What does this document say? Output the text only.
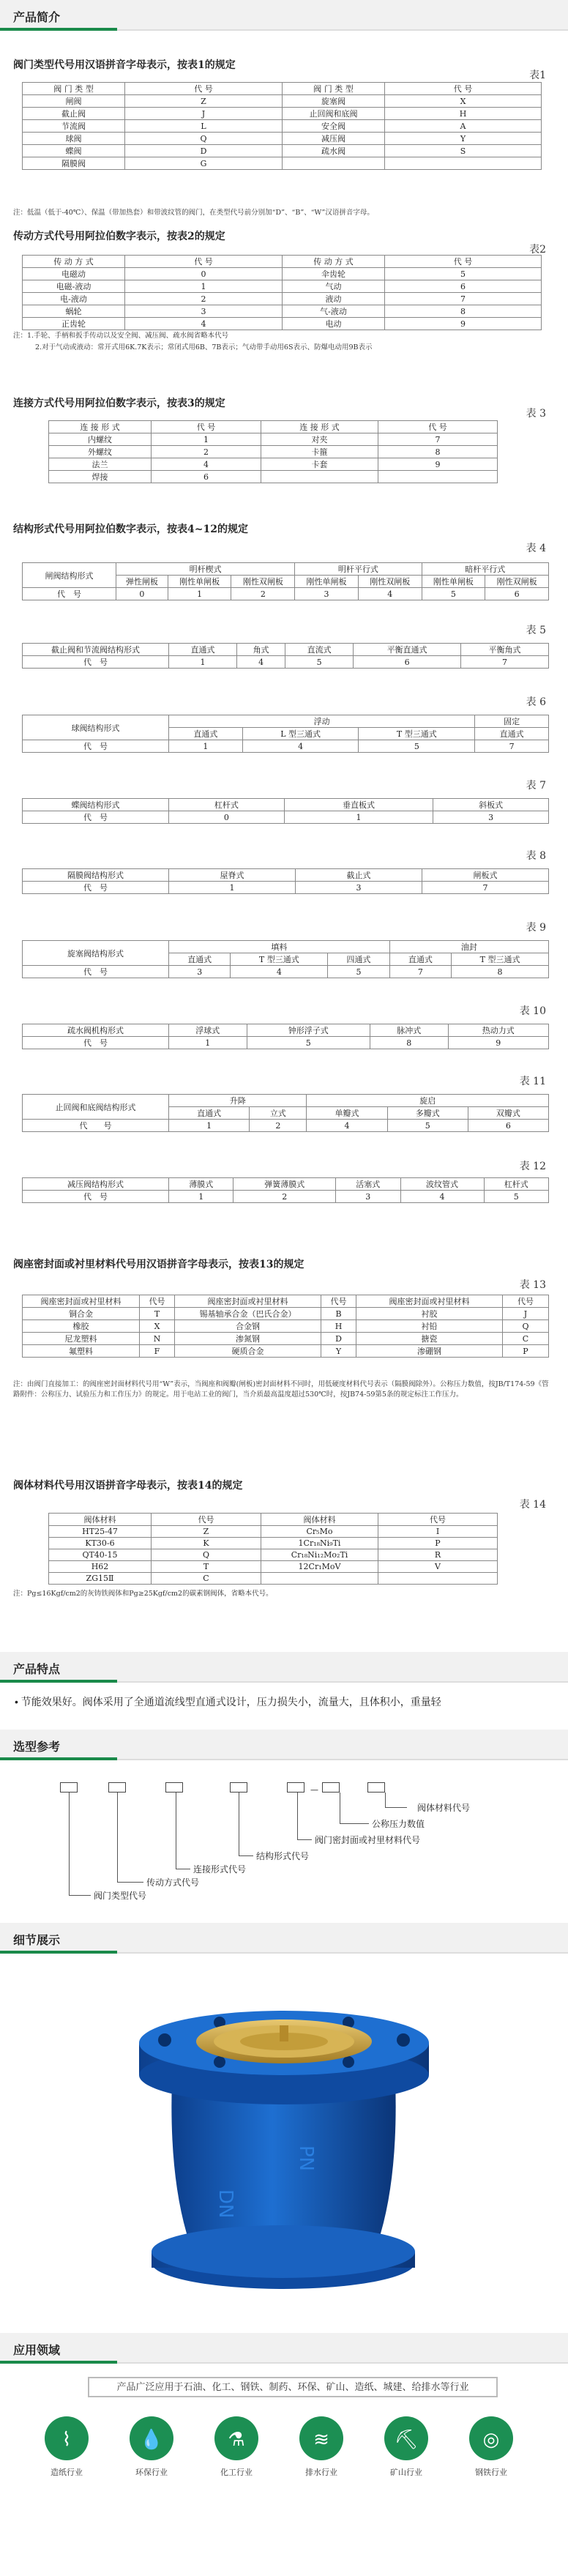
产品简介
阀门类型代号用汉语拼音字母表示，按表1的规定
表1
阀 门 类 型	代 号	阀 门 类 型	代 号
闸阀	Z	旋塞阀	X
截止阀	J	止回阀和底阀	H
节流阀	L	安全阀	A
球阀	Q	减压阀	Y
蝶阀	D	疏水阀	S
隔膜阀	G		
注：低温（低于-40℃）、保温（带加热套）和带波纹管的阀门，在类型代号前分别加“D”、“B”、“W”汉语拼音字母。
传动方式代号用阿拉伯数字表示，按表2的规定
表2
传 动 方 式	代 号	传 动 方 式	代 号
电磁动	0	伞齿轮	5
电磁-液动	1	气动	6
电-液动	2	液动	7
蜗轮	3	气-液动	8
正齿轮	4	电动	9
注：1.手轮、手柄和扳手传动以及安全阀、减压阀、疏水阀省略本代号
2.对于气动或液动：常开式用6K.7K表示；常闭式用6B、7B表示；气动带手动用6S表示、防爆电动用9B表示
连接方式代号用阿拉伯数字表示，按表3的规定
表 3
连 接 形 式	代 号	连 接 形 式	代 号
内螺纹	1	对夹	7
外螺纹	2	卡箍	8
法兰	4	卡套	9
焊接	6		
结构形式代号用阿拉伯数字表示，按表4~12的规定
表 4
闸阀结构形式	明杆楔式			明杆平行式		暗杆平行式	
	弹性闸板	刚性单闸板	刚性双闸板	刚性单闸板	刚性双闸板	刚性单闸板	刚性双闸板
代　号	0	1	2	3	4	5	6
表 5
截止阀和节流阀结构形式	直通式	角式	直流式	平衡直通式	平衡角式
代　号	1	4	5	6	7
表 6
球阀结构形式	浮动			固定
	直通式	L 型三通式	T 型三通式	直通式
代　号	1	4	5	7
表 7
蝶阀结构形式	杠杆式	垂直板式	斜板式
代　号	0	1	3
表 8
隔膜阀结构形式	屋脊式	截止式	闸板式
代　号	1	3	7
表 9
旋塞阀结构形式	填料			油封	
	直通式	T 型三通式	四通式	直通式	T 型三通式
代　号	3	4	5	7	8
表 10
疏水阀机构形式	浮球式	钟形浮子式	脉冲式	热动力式
代　号	1	5	8	9
表 11
止回阀和底阀结构形式	升降		旋启		
	直通式	立式	单瓣式	多瓣式	双瓣式
代　　号	1	2	4	5	6
表 12
减压阀结构形式	薄膜式	弹簧薄膜式	活塞式	波纹管式	杠杆式
代　号	1	2	3	4	5
阀座密封面或衬里材料代号用汉语拼音字母表示，按表13的规定
表 13
阀座密封面或衬里材料	代号	阀座密封面或衬里材料	代号	阀座密封面或衬里材料	代号
铜合金	T	锡基轴承合金（巴氏合金）	B	衬胶	J
橡胶	X	合金钢	H	衬铅	Q
尼龙塑料	N	渗氮钢	D	搪瓷	C
氟塑料	F	硬质合金	Y	渗硼钢	P
注：由阀门直接加工：的阀座密封面材料代号用“W”表示，当阀座和阀瓣(闸板)密封面材料不同时，用低硬度材料代号表示（隔膜阀除外）。公称压力数值，按JB/T174-59《管路附件：公称压力、试验压力和工作压力》的规定。用于电站工业的阀门，当介质最高温度超过530℃时，按JB74-59第5条的规定标注工作压力。
阀体材料代号用汉语拼音字母表示，按表14的规定
表 14
阀体材料	代号	阀体材料	代号
HT25-47	Z	Cr₅Mo	I
KT30-6	K	1Cr₁₈Ni₉Ti	P
QT40-15	Q	Cr₁₈Ni₁₂Mo₂Ti	R
H62	T	12Cr₁MoV	V
ZG15Ⅱ	C		
注：Pg≤16Kgf/cm2的灰铸铁阀体和Pg≥25Kgf/cm2的碳素钢阀体，省略本代号。
产品特点
• 节能效果好。阀体采用了全通道流线型直通式设计，压力损失小，流量大，且体积小，重量轻
选型参考
—
阀体材料代号
公称压力数值
阀门密封面或衬里材料代号
结构形式代号
连接形式代号
传动方式代号
阀门类型代号
细节展示
DN
PN
应用领域
产品广泛应用于石油、化工、钢铁、制药、环保、矿山、造纸、城建、给排水等行业
⌇
造纸行业
💧
环保行业
⚗
化工行业
≋
排水行业
⛏
矿山行业
◎
钢铁行业
